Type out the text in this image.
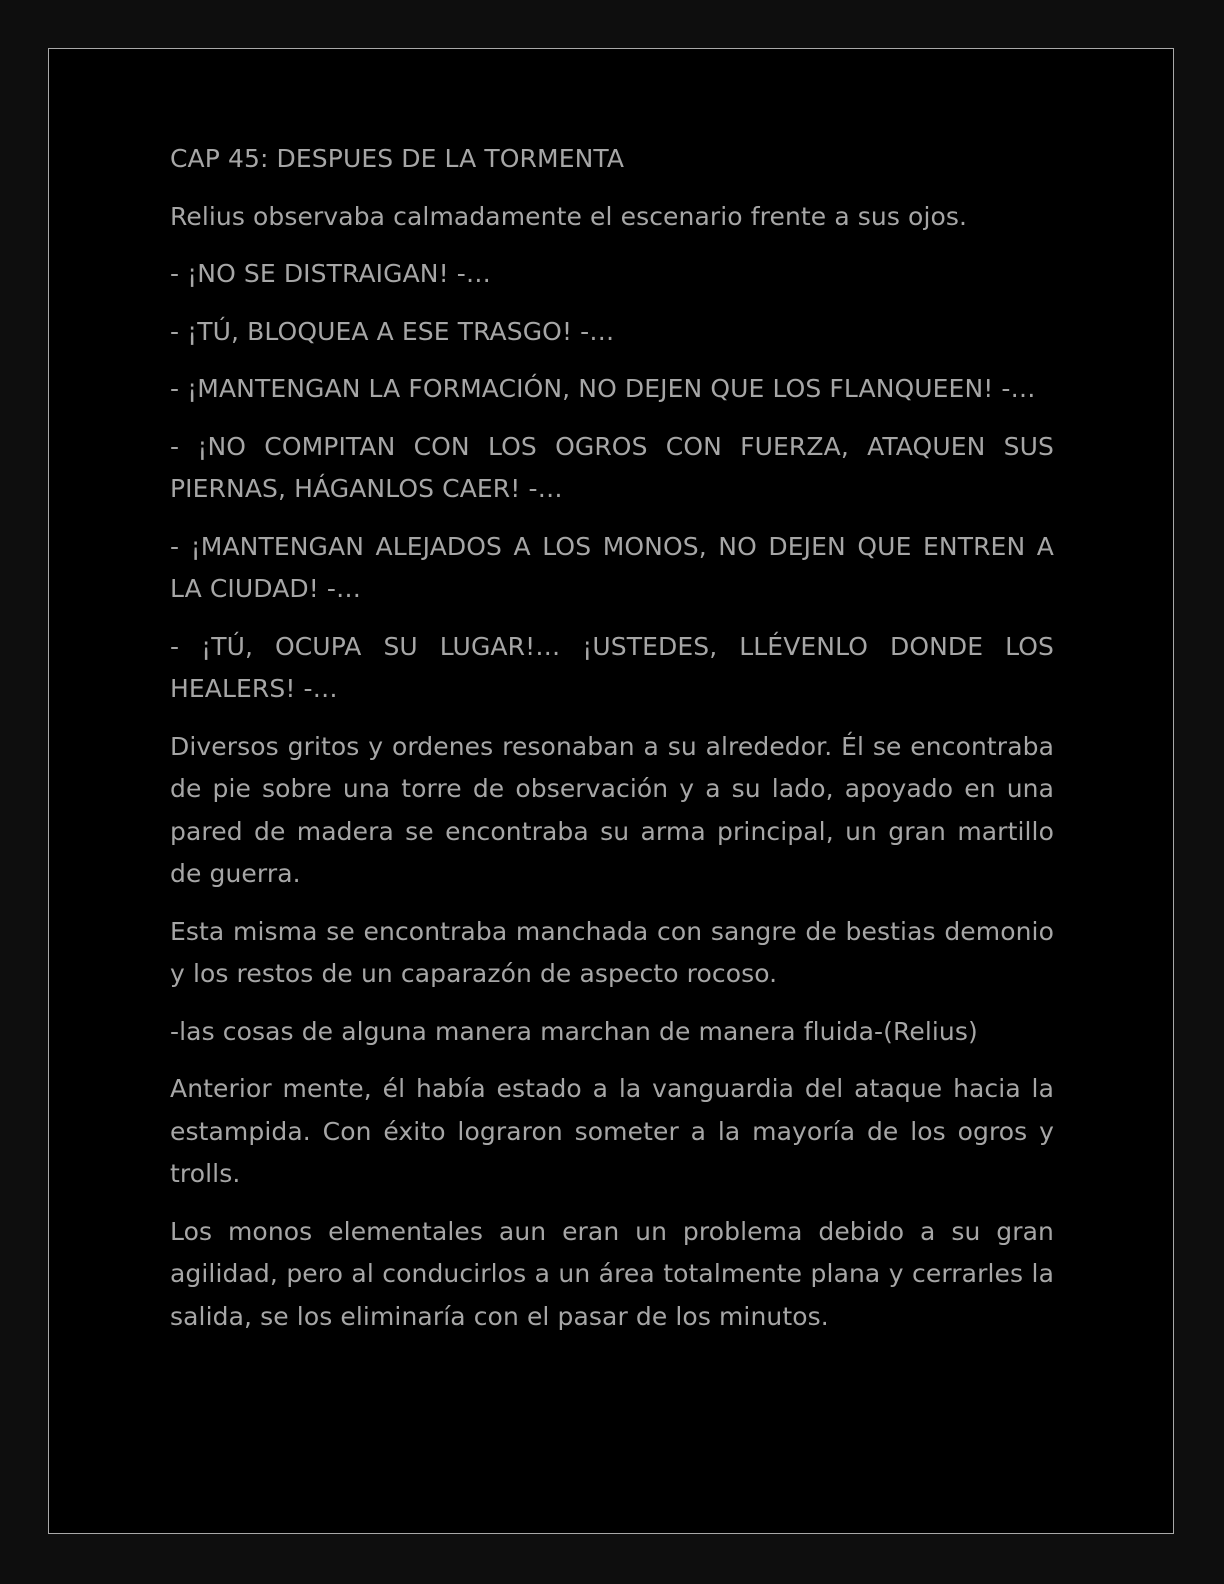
CAP 45: DESPUES DE LA TORMENTA

Relius observaba calmadamente el escenario frente a sus ojos.

- ¡NO SE DISTRAIGAN! -…

- ¡TÚ, BLOQUEA A ESE TRASGO! -…

- ¡MANTENGAN LA FORMACIÓN, NO DEJEN QUE LOS FLANQUEEN! -…

- ¡NO COMPITAN CON LOS OGROS CON FUERZA, ATAQUEN SUS PIERNAS, HÁGANLOS CAER! -…

- ¡MANTENGAN ALEJADOS A LOS MONOS, NO DEJEN QUE ENTREN A LA CIUDAD! -…

- ¡TÚ, OCUPA SU LUGAR!… ¡USTEDES, LLÉVENLO DONDE LOS HEALERS! -…

Diversos gritos y ordenes resonaban a su alrededor. Él se encontraba de pie sobre una torre de observación y a su lado, apoyado en una pared de madera se encontraba su arma principal, un gran martillo de guerra.

Esta misma se encontraba manchada con sangre de bestias demonio y los restos de un caparazón de aspecto rocoso.

-las cosas de alguna manera marchan de manera fluida-(Relius)

Anterior mente, él había estado a la vanguardia del ataque hacia la estampida. Con éxito lograron someter a la mayoría de los ogros y trolls.

Los monos elementales aun eran un problema debido a su gran agilidad, pero al conducirlos a un área totalmente plana y cerrarles la salida, se los eliminaría con el pasar de los minutos.
